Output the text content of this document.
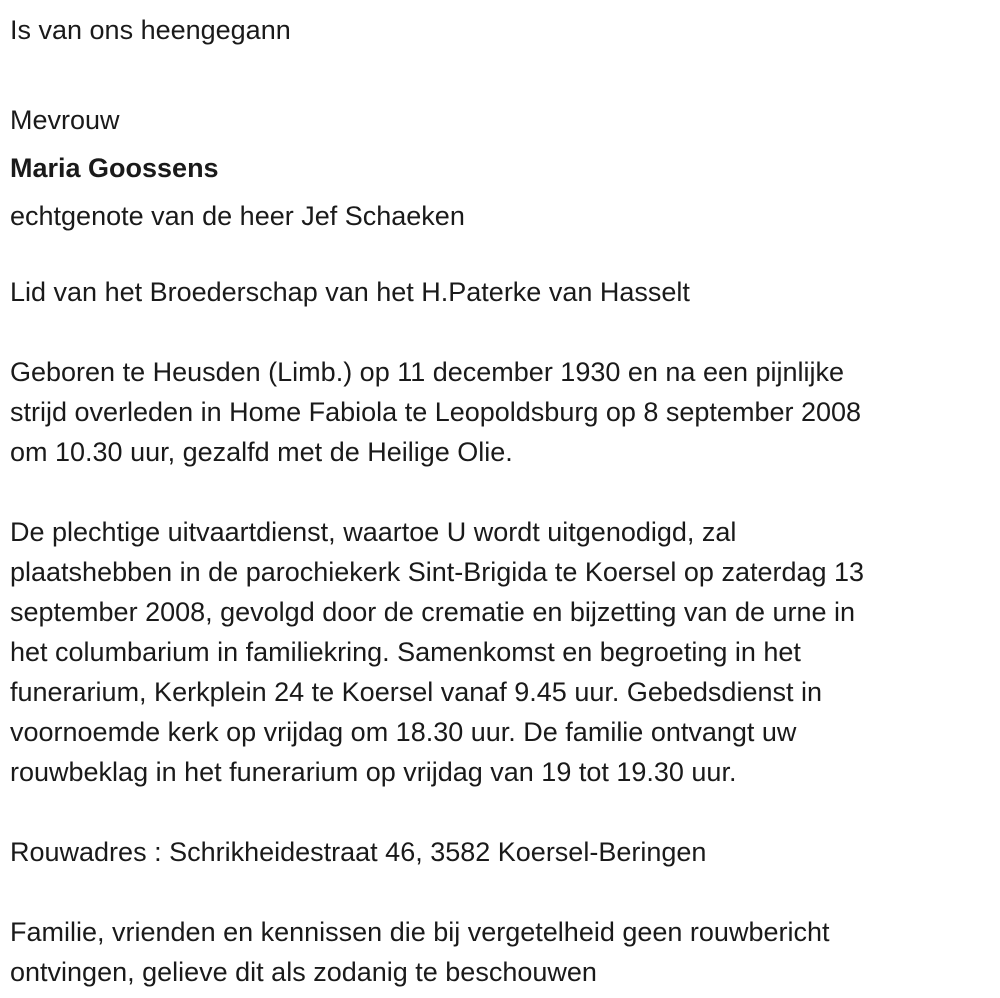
Is van ons heengegann
Mevrouw
Maria Goossens
echtgenote van de heer Jef Schaeken
Lid van het Broederschap van het H.Paterke van Hasselt
Geboren te Heusden (Limb.) op 11 december 1930 en na een pijnlijke
strijd overleden in Home Fabiola te Leopoldsburg op 8 september 2008
om 10.30 uur, gezalfd met de Heilige Olie.
De plechtige uitvaartdienst, waartoe U wordt uitgenodigd, zal
plaatshebben in de parochiekerk Sint-Brigida te Koersel op zaterdag 13
september 2008, gevolgd door de crematie en bijzetting van de urne in
het columbarium in familiekring. Samenkomst en begroeting in het
funerarium, Kerkplein 24 te Koersel vanaf 9.45 uur. Gebedsdienst in
voornoemde kerk op vrijdag om 18.30 uur. De familie ontvangt uw
rouwbeklag in het funerarium op vrijdag van 19 tot 19.30 uur.
Rouwadres : Schrikheidestraat 46, 3582 Koersel-Beringen
Familie, vrienden en kennissen die bij vergetelheid geen rouwbericht
ontvingen, gelieve dit als zodanig te beschouwen
